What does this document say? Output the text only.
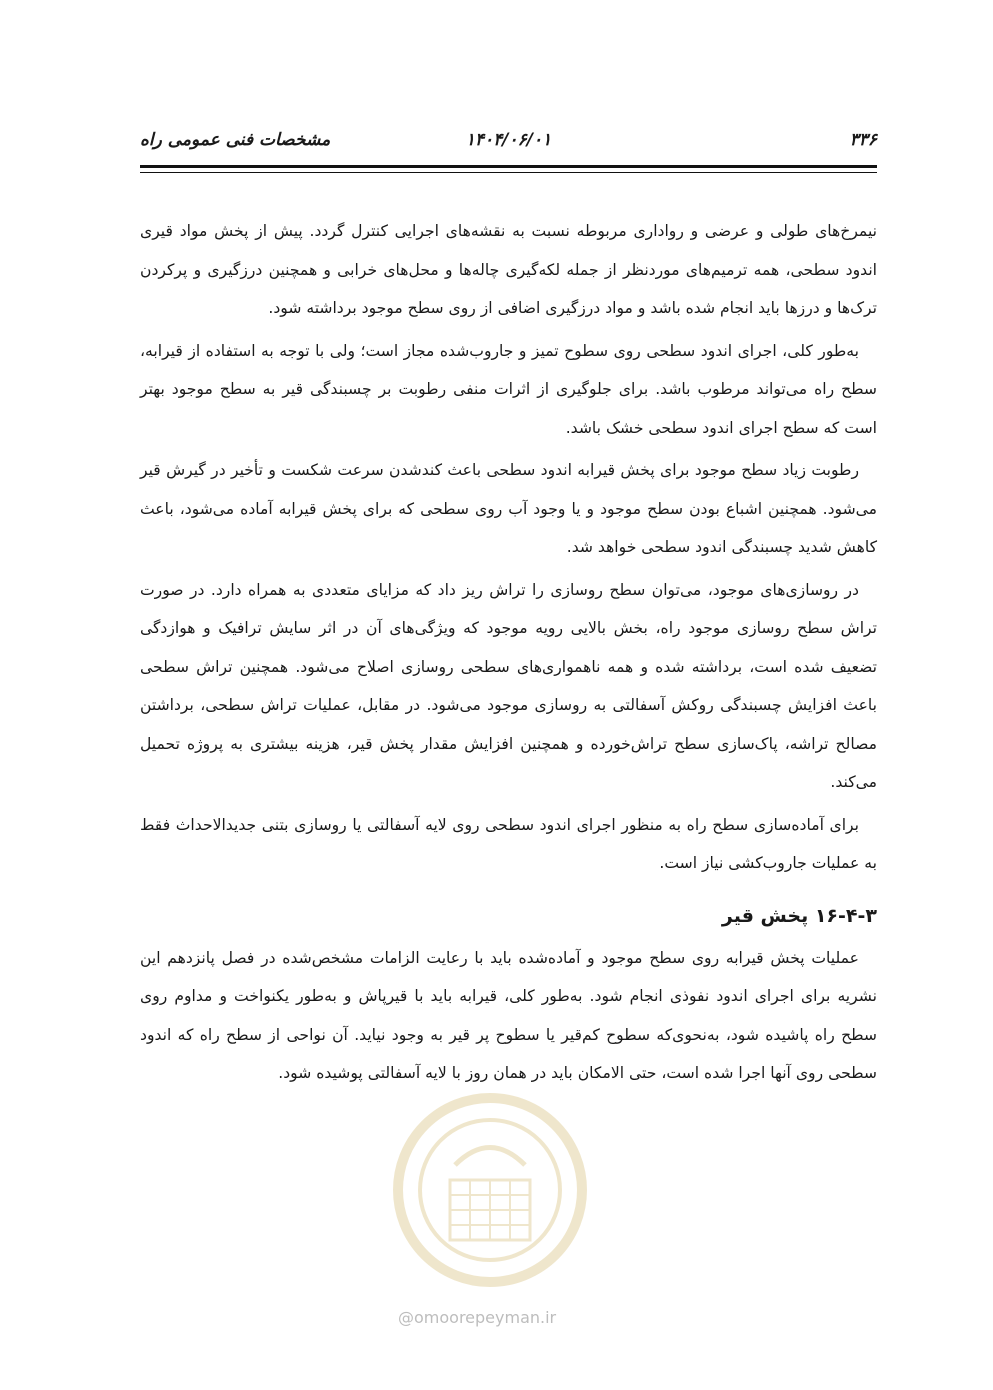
۳۳۶
۱۴۰۴/۰۶/۰۱
مشخصات فنی عمومی راه

نیمرخ‌های طولی و عرضی و رواداری مربوطه نسبت به نقشه‌های اجرایی کنترل گردد. پیش از پخش مواد قیری اندود سطحی، همه ترمیم‌های موردنظر از جمله لکه‌گیری چاله‌ها و محل‌های خرابی و همچنین درزگیری و پرکردن ترک‌ها و درزها باید انجام شده باشد و مواد درزگیری اضافی از روی سطح موجود برداشته شود.

به‌طور کلی، اجرای اندود سطحی روی سطوح تمیز و جاروب‌شده مجاز است؛ ولی با توجه به استفاده از قیرابه، سطح راه می‌تواند مرطوب باشد. برای جلوگیری از اثرات منفی رطوبت بر چسبندگی قیر به سطح موجود بهتر است که سطح اجرای اندود سطحی خشک باشد.

رطوبت زیاد سطح موجود برای پخش قیرابه اندود سطحی باعث کندشدن سرعت شکست و تأخیر در گیرش قیر می‌شود. همچنین اشباع بودن سطح موجود و یا وجود آب روی سطحی که برای پخش قیرابه آماده می‌شود، باعث کاهش شدید چسبندگی اندود سطحی خواهد شد.

در روسازی‌های موجود، می‌توان سطح روسازی را تراش ریز داد که مزایای متعددی به همراه دارد. در صورت تراش سطح روسازی موجود راه، بخش بالایی رویه موجود که ویژگی‌های آن در اثر سایش ترافیک و هوازدگی تضعیف شده است، برداشته شده و همه ناهمواری‌های سطحی روسازی اصلاح می‌شود. همچنین تراش سطحی باعث افزایش چسبندگی روکش آسفالتی به روسازی موجود می‌شود. در مقابل، عملیات تراش سطحی، برداشتن مصالح تراشه، پاک‌سازی سطح تراش‌خورده و همچنین افزایش مقدار پخش قیر، هزینه بیشتری به پروژه تحمیل می‌کند.

برای آماده‌سازی سطح راه به منظور اجرای اندود سطحی روی لایه آسفالتی یا روسازی بتنی جدیدالاحداث فقط به عملیات جاروب‌کشی نیاز است.

۱۶-۴-۳ پخش قیر

عملیات پخش قیرابه روی سطح موجود و آماده‌شده باید با رعایت الزامات مشخص‌شده در فصل پانزدهم این نشریه برای اجرای اندود نفوذی انجام شود. به‌طور کلی، قیرابه باید با قیرپاش و به‌طور یکنواخت و مداوم روی سطح راه پاشیده شود، به‌نحوی‌که سطوح کم‌قیر یا سطوح پر قیر به وجود نیاید. آن نواحی از سطح راه که اندود سطحی روی آنها اجرا شده است، حتی الامکان باید در همان روز با لایه آسفالتی پوشیده شود.

@omoorepeyman.ir
